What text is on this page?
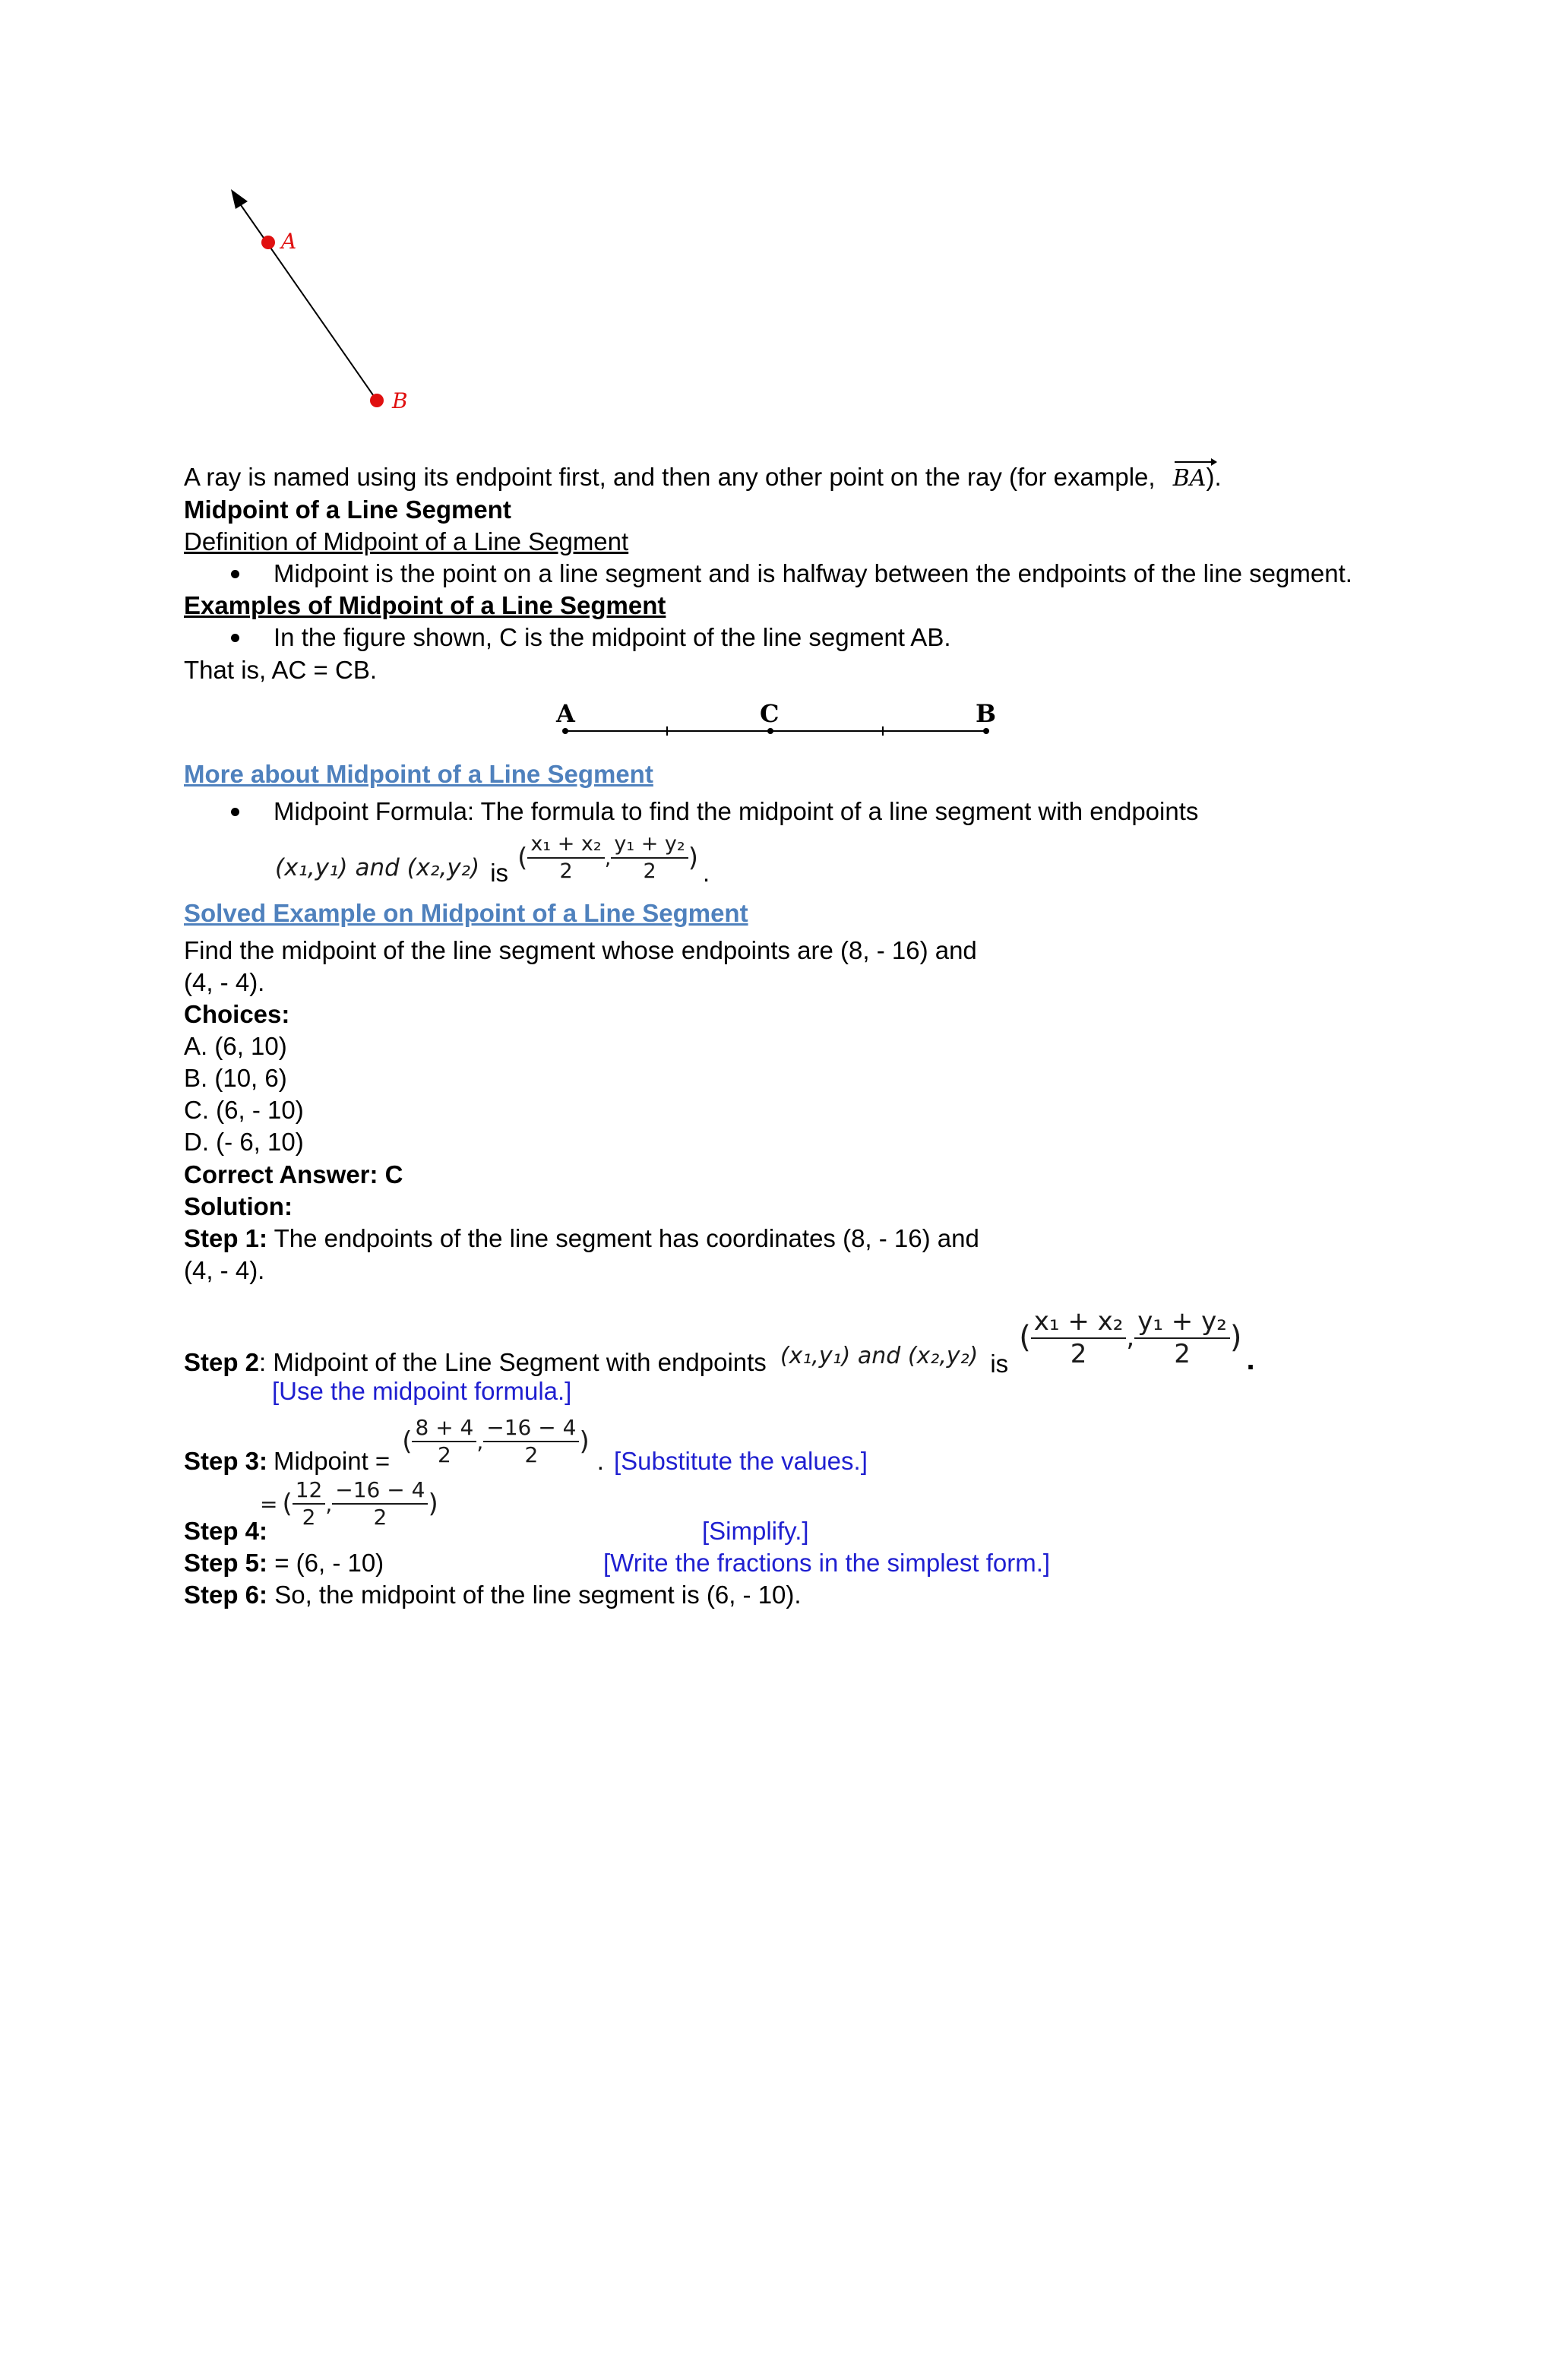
A
B
A ray is named using its endpoint first, and then any other point on the ray (for example, BA).
Midpoint of a Line Segment
Definition of Midpoint of a Line Segment
Midpoint is the point on a line segment and is halfway between the endpoints of the line segment.
Examples of Midpoint of a Line Segment
In the figure shown, C is the midpoint of the line segment AB.
That is, AC = CB.
A	C	B
More about Midpoint of a Line Segment
Midpoint Formula: The formula to find the midpoint of a line segment with endpoints
(x₁,y₁) and (x₂,y₂) is ( $\frac{\text{x₁ + x₂}}{2}$ , $\frac{\text{y₁ + y₂}}{2}$ ) .
Solved Example on Midpoint of a Line Segment
Find the midpoint of the line segment whose endpoints are (8, - 16) and
(4, - 4).
Choices:
A. (6, 10)
B. (10, 6)
C. (6, - 10)
D. (- 6, 10)
Correct Answer: C
Solution:
Step 1: The endpoints of the line segment has coordinates (8, - 16) and
(4, - 4).
Step 2 : Midpoint of the Line Segment with endpoints (x₁,y₁) and (x₂,y₂) is
( $\frac{\text{x₁ + x₂}}{2}$ , $\frac{\text{y₁ + y₂}}{2}$ )
.
[Use the midpoint formula.]
Step 3: Midpoint =
( $\frac{8 + 4}{2}$ , $\frac{-16 - 4}{2}$ )
. [Substitute the values.]
= ( $\frac{12}{2}$ , $\frac{-16 - 4}{2}$ )
Step 4:	[Simplify.]
Step 5: = (6, - 10)	[Write the fractions in the simplest form.]
Step 6: So, the midpoint of the line segment is (6, - 10).
